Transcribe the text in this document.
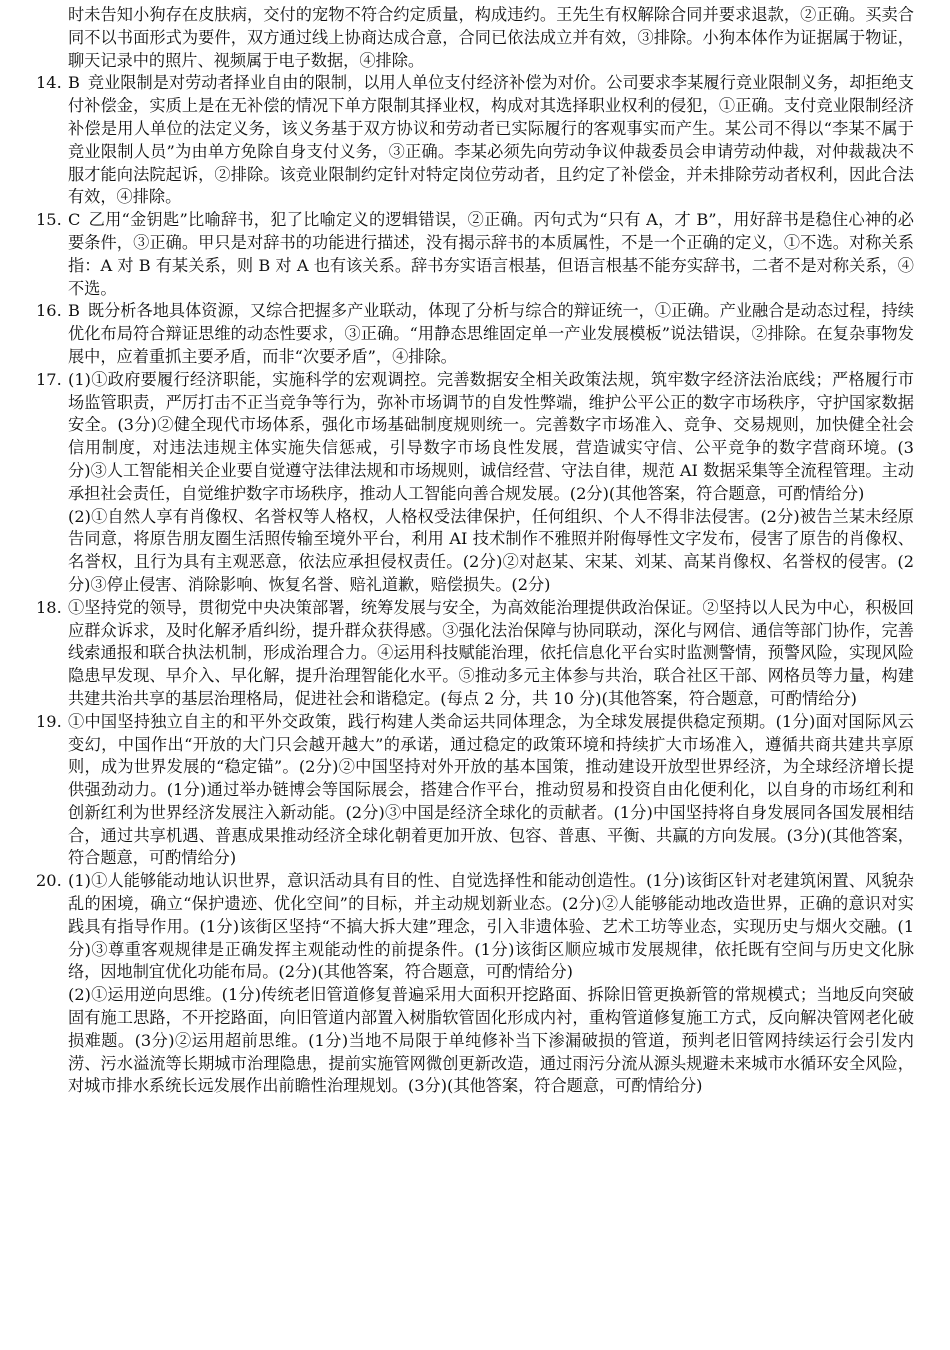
时未告知小狗存在皮肤病，交付的宠物不符合约定质量，构成违约。王先生有权解除合同并要求退款，②正确。买卖合同不以书面形式为要件，双方通过线上协商达成合意，合同已依法成立并有效，③排除。小狗本体作为证据属于物证，聊天记录中的照片、视频属于电子数据，④排除。

14. B 竞业限制是对劳动者择业自由的限制，以用人单位支付经济补偿为对价。公司要求李某履行竞业限制义务，却拒绝支付补偿金，实质上是在无补偿的情况下单方限制其择业权，构成对其选择职业权利的侵犯，①正确。支付竞业限制经济补偿是用人单位的法定义务，该义务基于双方协议和劳动者已实际履行的客观事实而产生。某公司不得以“李某不属于竞业限制人员”为由单方免除自身支付义务，③正确。李某必须先向劳动争议仲裁委员会申请劳动仲裁，对仲裁裁决不服才能向法院起诉，②排除。该竞业限制约定针对特定岗位劳动者，且约定了补偿金，并未排除劳动者权利，因此合法有效，④排除。

15. C 乙用“金钥匙”比喻辞书，犯了比喻定义的逻辑错误，②正确。丙句式为“只有 A，才 B”，用好辞书是稳住心神的必要条件，③正确。甲只是对辞书的功能进行描述，没有揭示辞书的本质属性，不是一个正确的定义，①不选。对称关系指：A 对 B 有某关系，则 B 对 A 也有该关系。辞书夯实语言根基，但语言根基不能夯实辞书，二者不是对称关系，④不选。

16. B 既分析各地具体资源，又综合把握多产业联动，体现了分析与综合的辩证统一，①正确。产业融合是动态过程，持续优化布局符合辩证思维的动态性要求，③正确。“用静态思维固定单一产业发展模板”说法错误，②排除。在复杂事物发展中，应着重抓主要矛盾，而非“次要矛盾”，④排除。

17. (1)①政府要履行经济职能，实施科学的宏观调控。完善数据安全相关政策法规，筑牢数字经济法治底线；严格履行市场监管职责，严厉打击不正当竞争等行为，弥补市场调节的自发性弊端，维护公平公正的数字市场秩序，守护国家数据安全。(3分)②健全现代市场体系，强化市场基础制度规则统一。完善数字市场准入、竞争、交易规则，加快健全社会信用制度，对违法违规主体实施失信惩戒，引导数字市场良性发展，营造诚实守信、公平竞争的数字营商环境。(3分)③人工智能相关企业要自觉遵守法律法规和市场规则，诚信经营、守法自律，规范 AI 数据采集等全流程管理。主动承担社会责任，自觉维护数字市场秩序，推动人工智能向善合规发展。(2分)(其他答案，符合题意，可酌情给分)

(2)①自然人享有肖像权、名誉权等人格权，人格权受法律保护，任何组织、个人不得非法侵害。(2分)被告兰某未经原告同意，将原告朋友圈生活照传输至境外平台，利用 AI 技术制作不雅照并附侮辱性文字发布，侵害了原告的肖像权、名誉权，且行为具有主观恶意，依法应承担侵权责任。(2分)②对赵某、宋某、刘某、高某肖像权、名誉权的侵害。(2分)③停止侵害、消除影响、恢复名誉、赔礼道歉，赔偿损失。(2分)

18. ①坚持党的领导，贯彻党中央决策部署，统筹发展与安全，为高效能治理提供政治保证。②坚持以人民为中心，积极回应群众诉求，及时化解矛盾纠纷，提升群众获得感。③强化法治保障与协同联动，深化与网信、通信等部门协作，完善线索通报和联合执法机制，形成治理合力。④运用科技赋能治理，依托信息化平台实时监测警情，预警风险，实现风险隐患早发现、早介入、早化解，提升治理智能化水平。⑤推动多元主体参与共治，联合社区干部、网格员等力量，构建共建共治共享的基层治理格局，促进社会和谐稳定。(每点 2 分，共 10 分)(其他答案，符合题意，可酌情给分)

19. ①中国坚持独立自主的和平外交政策，践行构建人类命运共同体理念，为全球发展提供稳定预期。(1分)面对国际风云变幻，中国作出“开放的大门只会越开越大”的承诺，通过稳定的政策环境和持续扩大市场准入，遵循共商共建共享原则，成为世界发展的“稳定锚”。(2分)②中国坚持对外开放的基本国策，推动建设开放型世界经济，为全球经济增长提供强劲动力。(1分)通过举办链博会等国际展会，搭建合作平台，推动贸易和投资自由化便利化，以自身的市场红利和创新红利为世界经济发展注入新动能。(2分)③中国是经济全球化的贡献者。(1分)中国坚持将自身发展同各国发展相结合，通过共享机遇、普惠成果推动经济全球化朝着更加开放、包容、普惠、平衡、共赢的方向发展。(3分)(其他答案，符合题意，可酌情给分)

20. (1)①人能够能动地认识世界，意识活动具有目的性、自觉选择性和能动创造性。(1分)该街区针对老建筑闲置、风貌杂乱的困境，确立“保护遗迹、优化空间”的目标，并主动规划新业态。(2分)②人能够能动地改造世界，正确的意识对实践具有指导作用。(1分)该街区坚持“不搞大拆大建”理念，引入非遗体验、艺术工坊等业态，实现历史与烟火交融。(1分)③尊重客观规律是正确发挥主观能动性的前提条件。(1分)该街区顺应城市发展规律，依托既有空间与历史文化脉络，因地制宜优化功能布局。(2分)(其他答案，符合题意，可酌情给分)

(2)①运用逆向思维。(1分)传统老旧管道修复普遍采用大面积开挖路面、拆除旧管更换新管的常规模式；当地反向突破固有施工思路，不开挖路面，向旧管道内部置入树脂软管固化形成内衬，重构管道修复施工方式，反向解决管网老化破损难题。(3分)②运用超前思维。(1分)当地不局限于单纯修补当下渗漏破损的管道，预判老旧管网持续运行会引发内涝、污水溢流等长期城市治理隐患，提前实施管网微创更新改造，通过雨污分流从源头规避未来城市水循环安全风险，对城市排水系统长远发展作出前瞻性治理规划。(3分)(其他答案，符合题意，可酌情给分)
